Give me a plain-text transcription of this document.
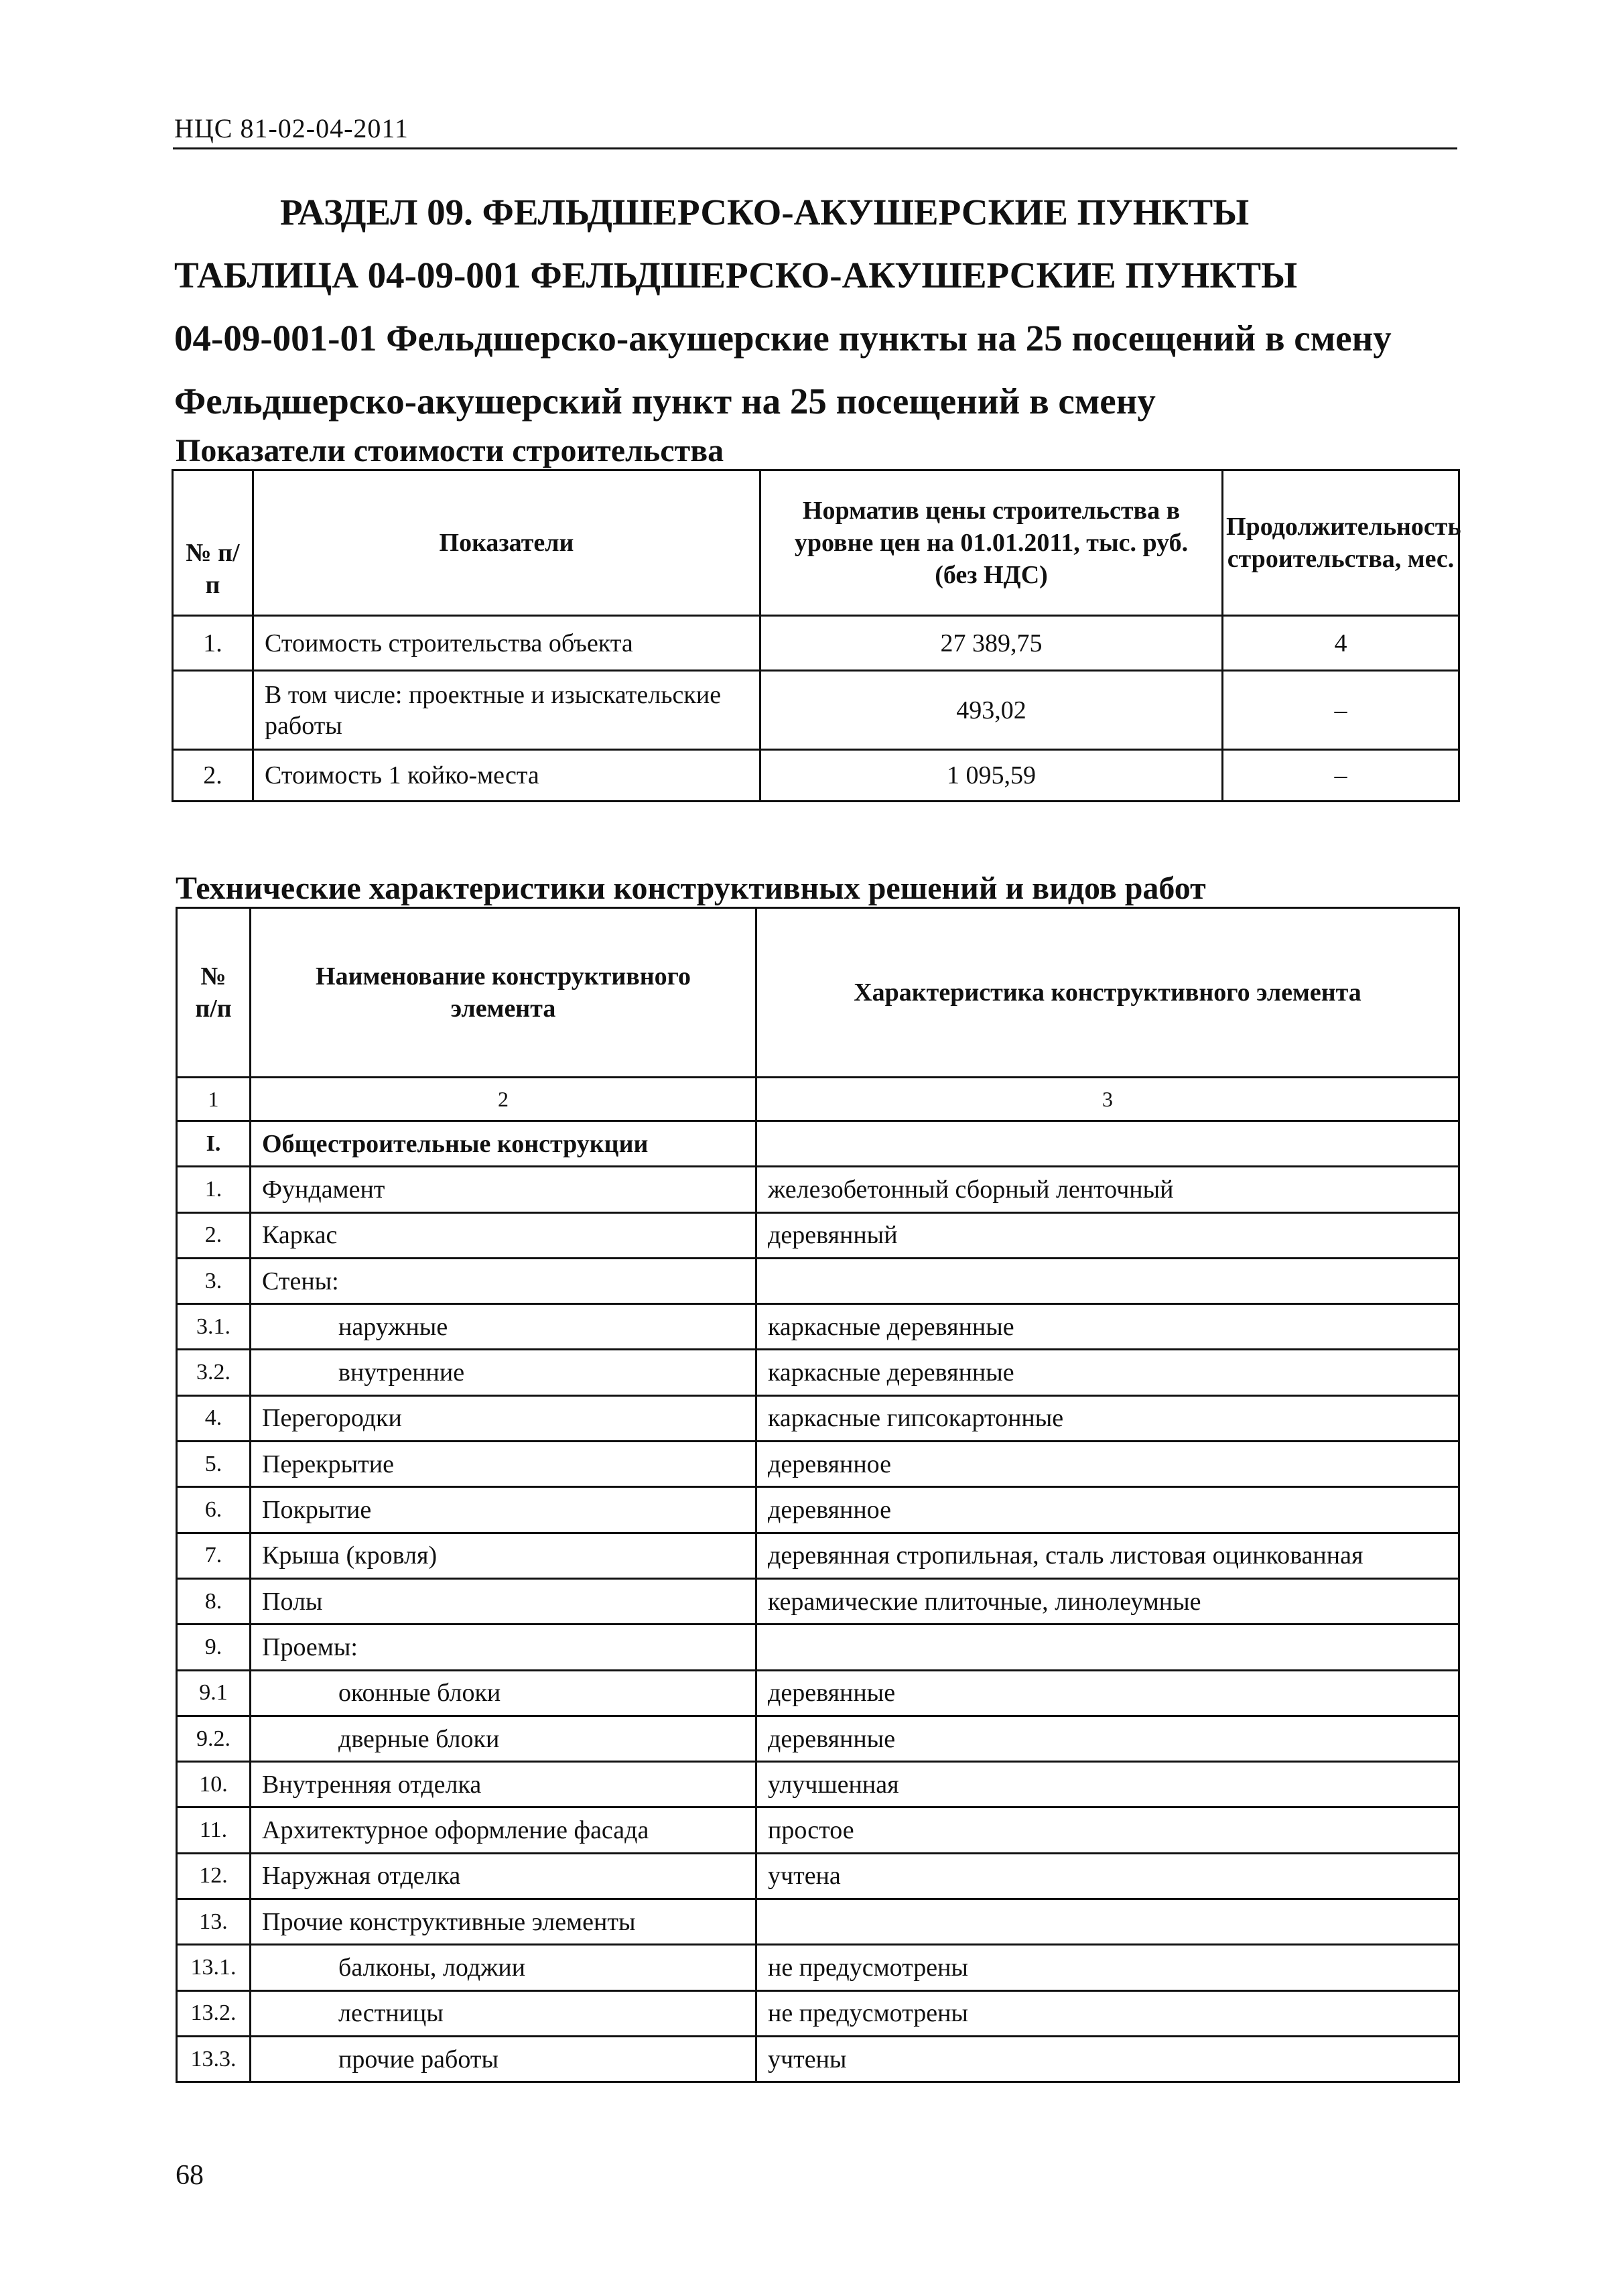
НЦС 81-02-04-2011
РАЗДЕЛ 09. ФЕЛЬДШЕРСКО-АКУШЕРСКИЕ ПУНКТЫ
ТАБЛИЦА 04-09-001 ФЕЛЬДШЕРСКО-АКУШЕРСКИЕ ПУНКТЫ
04-09-001-01 Фельдшерско-акушерские пункты на 25 посещений в смену
Фельдшерско-акушерский пункт на 25 посещений в смену
Показатели стоимости строительства
№ п/п	Показатели	Норматив цены строительства в уровне цен на 01.01.2011, тыс. руб. (без НДС)	Продолжительность строительства, мес.
1.	Стоимость строительства объекта	27 389,75	4
	В том числе: проектные и изыскательские работы	493,02	–
2.	Стоимость 1 койко-места	1 095,59	–
Технические характеристики конструктивных решений и видов работ
№ п/п	Наименование конструктивного элемента	Характеристика конструктивного элемента
1	2	3
I.	Общестроительные конструкции	
1.	Фундамент	железобетонный сборный ленточный
2.	Каркас	деревянный
3.	Стены:	
3.1.	наружные	каркасные деревянные
3.2.	внутренние	каркасные деревянные
4.	Перегородки	каркасные гипсокартонные
5.	Перекрытие	деревянное
6.	Покрытие	деревянное
7.	Крыша (кровля)	деревянная стропильная, сталь листовая оцинкованная
8.	Полы	керамические плиточные, линолеумные
9.	Проемы:	
9.1	оконные блоки	деревянные
9.2.	дверные блоки	деревянные
10.	Внутренняя отделка	улучшенная
11.	Архитектурное оформление фасада	простое
12.	Наружная отделка	учтена
13.	Прочие конструктивные элементы	
13.1.	балконы, лоджии	не предусмотрены
13.2.	лестницы	не предусмотрены
13.3.	прочие работы	учтены
68
